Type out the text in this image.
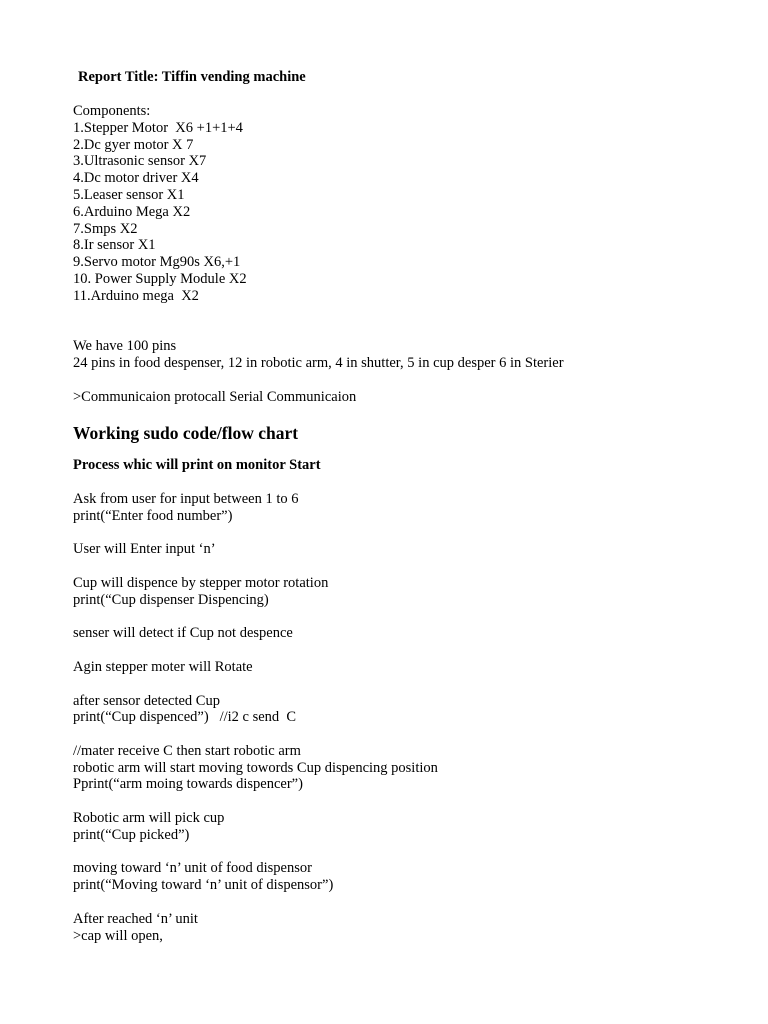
Report Title: Tiffin vending machine
Components:
1.Stepper Motor  X6 +1+1+4
2.Dc gyer motor X 7
3.Ultrasonic sensor X7
4.Dc motor driver X4
5.Leaser sensor X1
6.Arduino Mega X2
7.Smps X2
8.Ir sensor X1
9.Servo motor Mg90s X6,+1
10. Power Supply Module X2
11.Arduino mega  X2
We have 100 pins
24 pins in food despenser, 12 in robotic arm, 4 in shutter, 5 in cup desper 6 in Sterier
>Communicaion protocall Serial Communicaion
Working sudo code/flow chart
Process whic will print on monitor Start
Ask from user for input between 1 to 6
print(“Enter food number”)
User will Enter input ‘n’
Cup will dispence by stepper motor rotation
print(“Cup dispenser Dispencing)
senser will detect if Cup not despence
Agin stepper moter will Rotate
after sensor detected Cup
print(“Cup dispenced”)   //i2 c send  C
//mater receive C then start robotic arm
robotic arm will start moving towords Cup dispencing position
Pprint(“arm moing towards dispencer”)
Robotic arm will pick cup
print(“Cup picked”)
moving toward ‘n’ unit of food dispensor
print(“Moving toward ‘n’ unit of dispensor”)
After reached ‘n’ unit
>cap will open,
